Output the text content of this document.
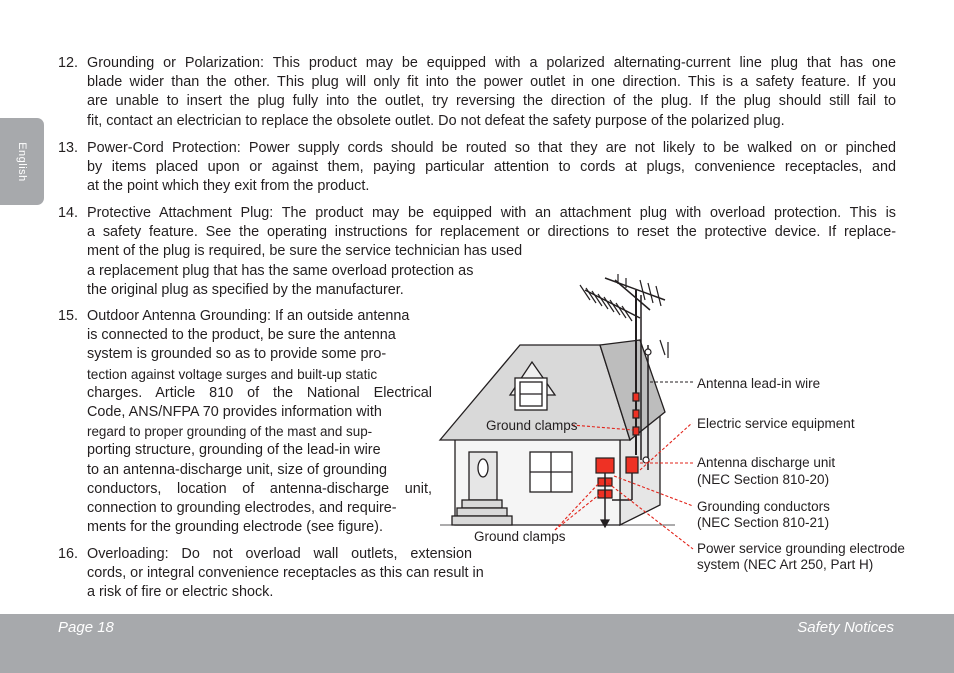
English
12. Grounding or Polarization: This product may be equipped with a polarized alternating-current line plug that has one
blade wider than the other. This plug will only fit into the power outlet in one direction. This is a safety feature. If you
are unable to insert the plug fully into the outlet, try reversing the direction of the plug. If the plug should still fail to
fit, contact an electrician to replace the obsolete outlet. Do not defeat the safety purpose of the polarized plug.
13. Power-Cord Protection: Power supply cords should be routed so that they are not likely to be walked on or pinched
by items placed upon or against them, paying particular attention to cords at plugs, convenience receptacles, and
at the point which they exit from the product.
14. Protective Attachment Plug: The product may be equipped with an attachment plug with overload protection. This is
a safety feature. See the operating instructions for replacement or directions to reset the protective device. If replace-
ment of the plug is required, be sure the service technician has used
a replacement plug that has the same overload protection as
the original plug as specified by the manufacturer.
15. Outdoor Antenna Grounding: If an outside antenna
is connected to the product, be sure the antenna
system is grounded so as to provide some pro-
tection against voltage surges and built-up static
charges. Article 810 of the National Electrical
Code, ANS/NFPA 70 provides information with
regard to proper grounding of the mast and sup-
porting structure, grounding of the lead-in wire
to an antenna-discharge unit, size of grounding
conductors, location of antenna-discharge unit,
connection to grounding electrodes, and require-
ments for the grounding electrode (see figure).
16. Overloading: Do not overload wall outlets, extension
cords, or integral convenience receptacles as this can result in
a risk of fire or electric shock.
Antenna lead-in wire
Electric service equipment
Antenna discharge unit
(NEC Section 810-20)
Grounding conductors
(NEC Section 810-21)
Power service grounding electrode
system (NEC Art 250, Part H)
Ground clamps
Ground clamps
Page 18	Safety Notices
